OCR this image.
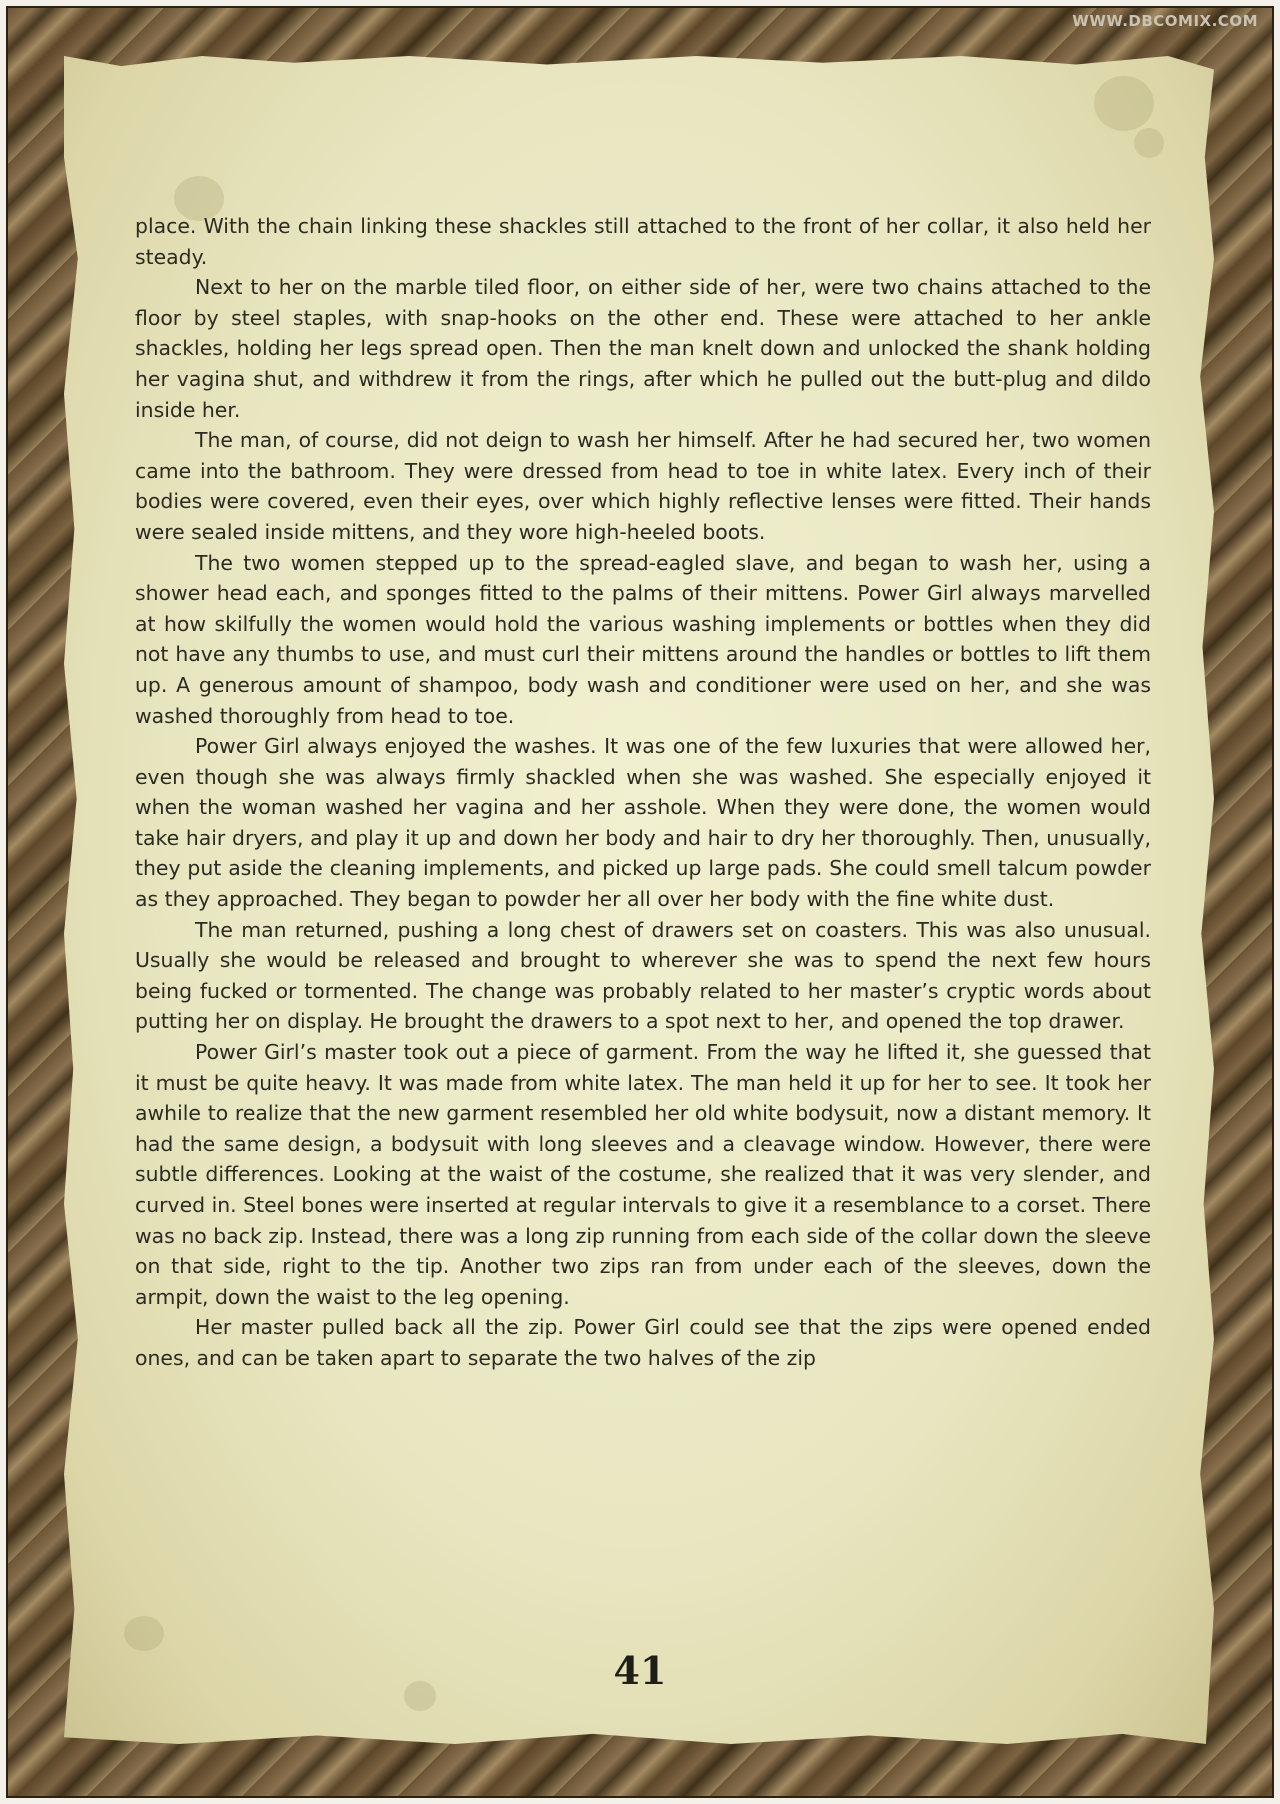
WWW.DBCOMIX.COM

place. With the chain linking these shackles still attached to the front of her collar, it also held her steady.

Next to her on the marble tiled floor, on either side of her, were two chains attached to the floor by steel staples, with snap-hooks on the other end. These were attached to her ankle shackles, holding her legs spread open. Then the man knelt down and unlocked the shank holding her vagina shut, and withdrew it from the rings, after which he pulled out the butt-plug and dildo inside her.

The man, of course, did not deign to wash her himself. After he had secured her, two women came into the bathroom. They were dressed from head to toe in white latex. Every inch of their bodies were covered, even their eyes, over which highly reflective lenses were fitted. Their hands were sealed inside mittens, and they wore high-heeled boots.

The two women stepped up to the spread-eagled slave, and began to wash her, using a shower head each, and sponges fitted to the palms of their mittens. Power Girl always marvelled at how skilfully the women would hold the various washing implements or bottles when they did not have any thumbs to use, and must curl their mittens around the handles or bottles to lift them up. A generous amount of shampoo, body wash and conditioner were used on her, and she was washed thoroughly from head to toe.

Power Girl always enjoyed the washes. It was one of the few luxuries that were allowed her, even though she was always firmly shackled when she was washed. She especially enjoyed it when the woman washed her vagina and her asshole. When they were done, the women would take hair dryers, and play it up and down her body and hair to dry her thoroughly. Then, unusually, they put aside the cleaning implements, and picked up large pads. She could smell talcum powder as they approached. They began to powder her all over her body with the fine white dust.

The man returned, pushing a long chest of drawers set on coasters. This was also unusual. Usually she would be released and brought to wherever she was to spend the next few hours being fucked or tormented. The change was probably related to her master’s cryptic words about putting her on display. He brought the drawers to a spot next to her, and opened the top drawer.

Power Girl’s master took out a piece of garment. From the way he lifted it, she guessed that it must be quite heavy. It was made from white latex. The man held it up for her to see. It took her awhile to realize that the new garment resembled her old white bodysuit, now a distant memory. It had the same design, a bodysuit with long sleeves and a cleavage window. However, there were subtle differences. Looking at the waist of the costume, she realized that it was very slender, and curved in. Steel bones were inserted at regular intervals to give it a resemblance to a corset. There was no back zip. Instead, there was a long zip running from each side of the collar down the sleeve on that side, right to the tip. Another two zips ran from under each of the sleeves, down the armpit, down the waist to the leg opening.

Her master pulled back all the zip. Power Girl could see that the zips were opened ended ones, and can be taken apart to separate the two halves of the zip

41
